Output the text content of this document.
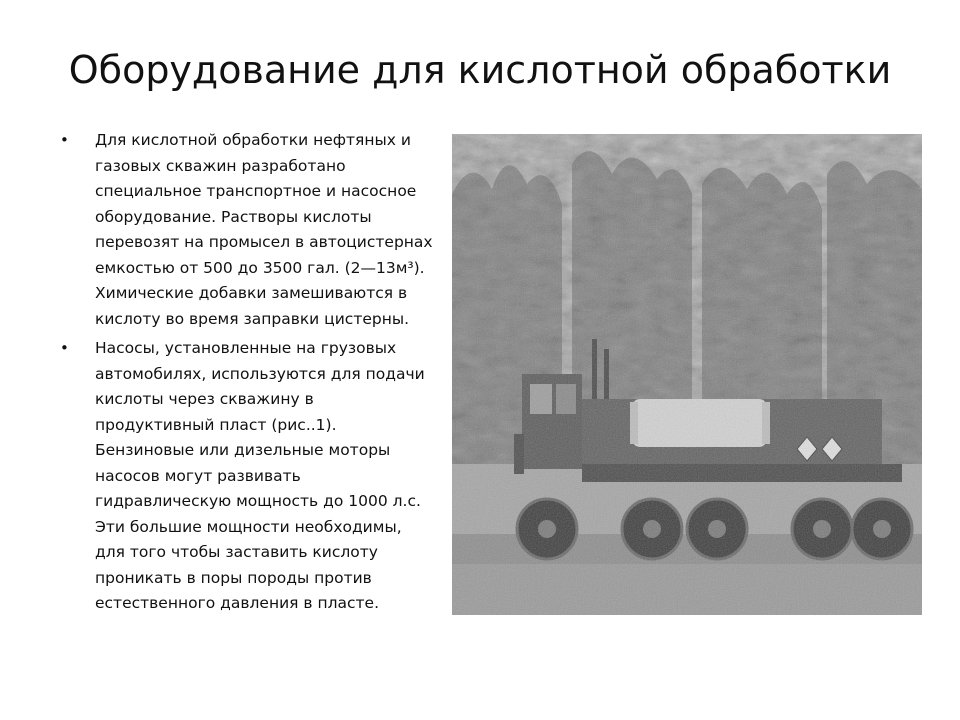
Оборудование для кислотной обработки
• Для кислотной обработки нефтяных и
газовых скважин разработано
специальное транспортное и насосное
оборудование. Растворы кислоты
перевозят на промысел в автоцистернах
емкостью от 500 до 3500 гал. (2—13м³).
Химические добавки замешиваются в
кислоту во время заправки цистерны.
• Насосы, установленные на грузовых
автомобилях, используются для подачи
кислоты через скважину в
продуктивный пласт (рис..1).
Бензиновые или дизельные моторы
насосов могут развивать
гидравлическую мощность до 1000 л.с.
Эти большие мощности необходимы,
для того чтобы заставить кислоту
проникать в поры породы против
естественного давления в пласте.
